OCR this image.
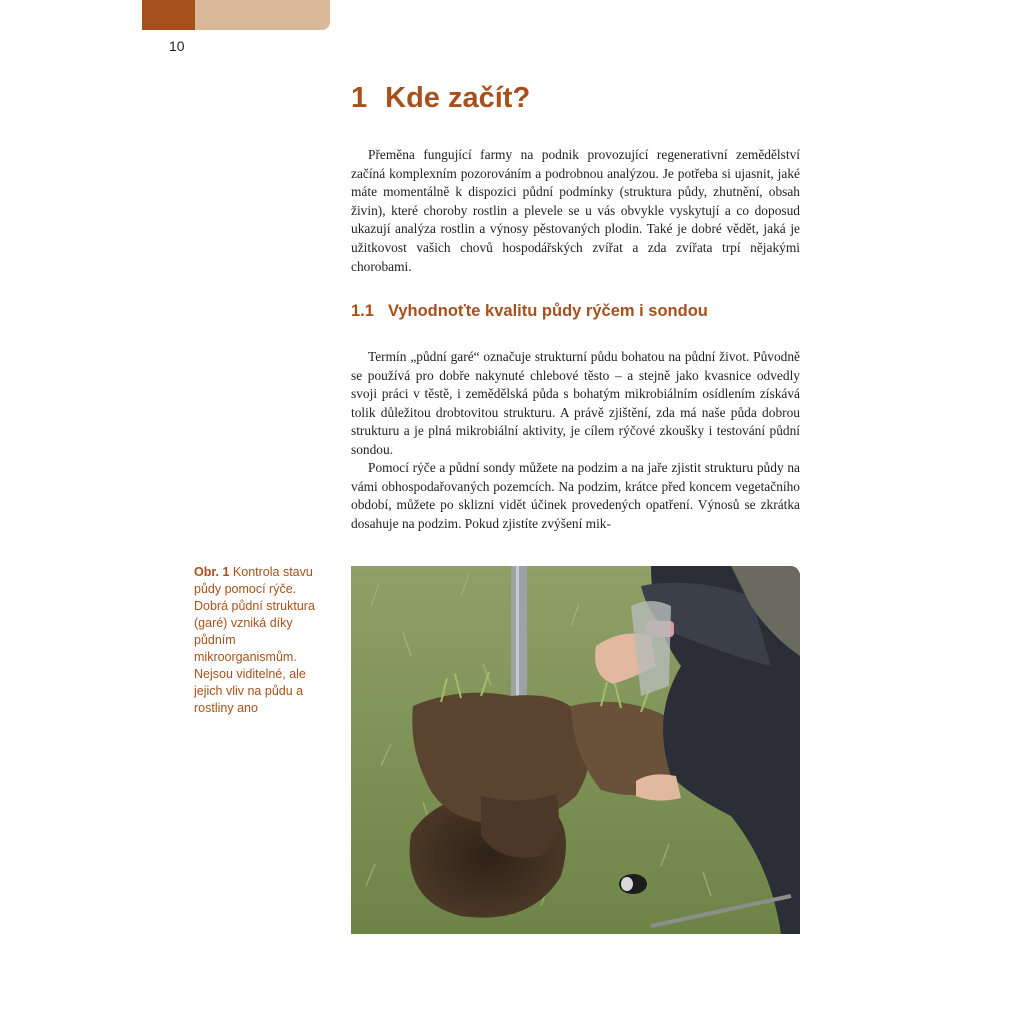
10
1 Kde začít?

Přeměna fungující farmy na podnik provozující regenerativní zemědělství začíná komplexním pozorováním a podrobnou analýzou. Je potřeba si ujasnit, jaké máte momentálně k dispozici půdní podmínky (struktura půdy, zhutnění, obsah živin), které choroby rostlin a plevele se u vás obvykle vyskytují a co doposud ukazují analýza rostlin a výnosy pěstovaných plodin. Také je dobré vědět, jaká je užitkovost vašich chovů hospodářských zvířat a zda zvířata trpí nějakými chorobami.

1.1 Vyhodnoťte kvalitu půdy rýčem i sondou

Termín „půdní garé“ označuje strukturní půdu bohatou na půdní život. Původně se používá pro dobře nakynuté chlebové těsto – a stejně jako kvasnice odvedly svoji práci v těstě, i zemědělská půda s bohatým mikrobiálním osídlením získává tolik důležitou drobtovitou strukturu. A právě zjištění, zda má naše půda dobrou strukturu a je plná mikrobiální aktivity, je cílem rýčové zkoušky i testování půdní sondou.

Pomocí rýče a půdní sondy můžete na podzim a na jaře zjistit strukturu půdy na vámi obhospodařovaných pozemcích. Na podzim, krátce před koncem vegetačního období, můžete po sklizni vidět účinek provedených opatření. Výnosů se zkrátka dosahuje na podzim. Pokud zjistíte zvýšení mik-

Obr. 1 Kontrola stavu půdy pomocí rýče. Dobrá půdní struktura (garé) vzniká díky půdním mikroorganismům. Nejsou viditelné, ale jejich vliv na půdu a rostliny ano
